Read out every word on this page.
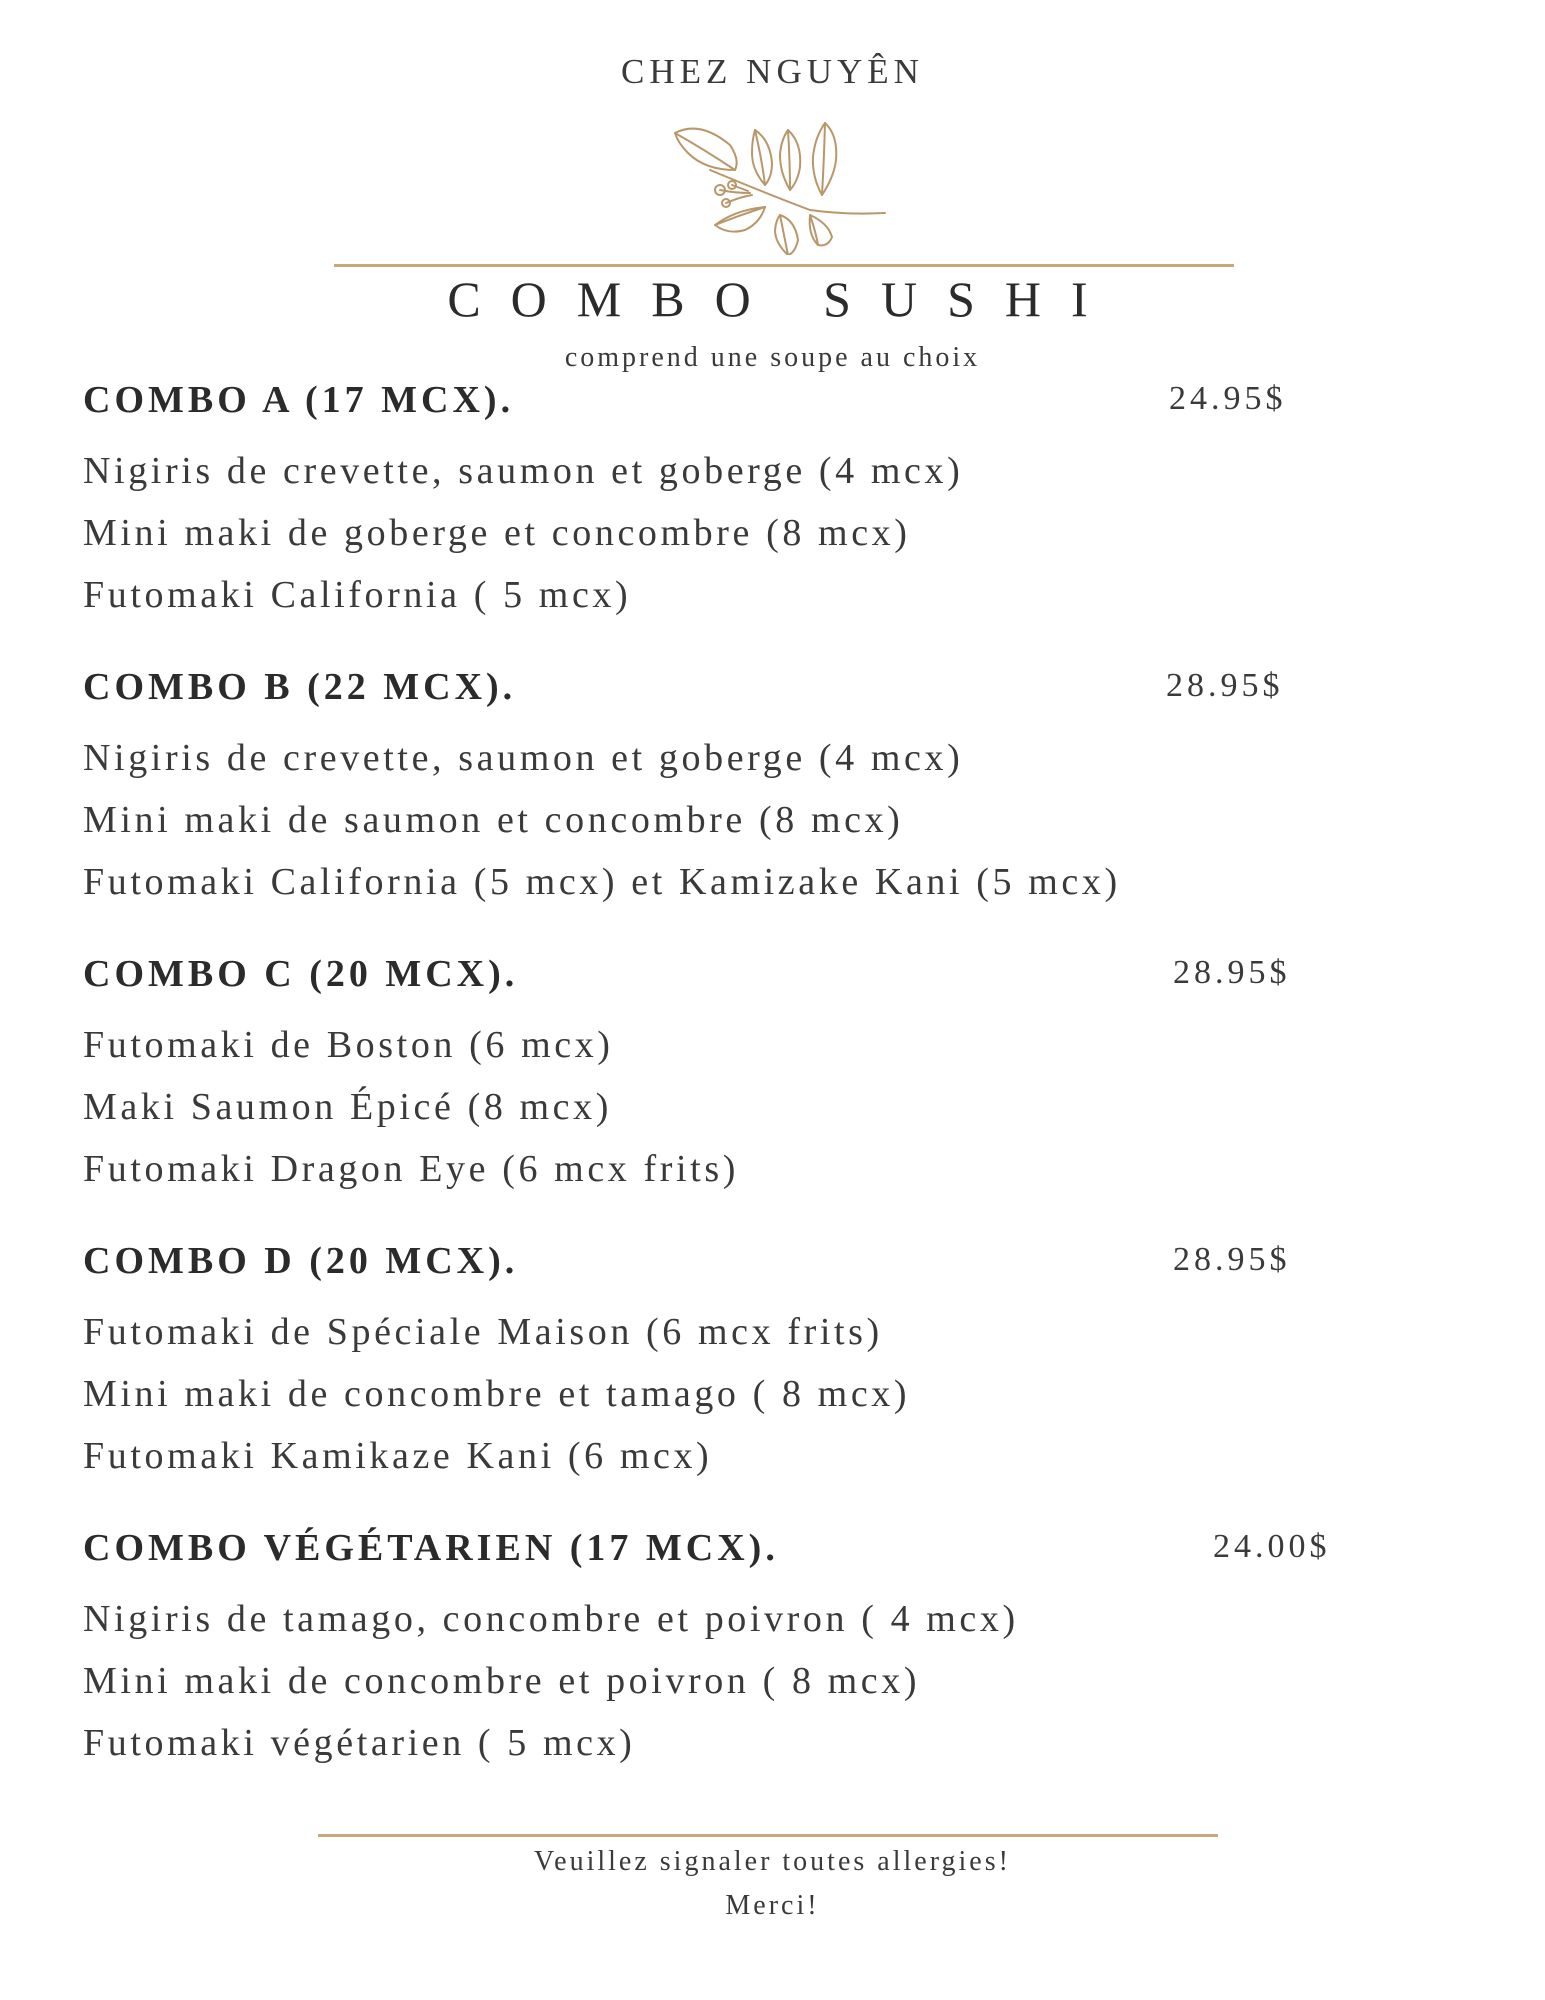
CHEZ NGUYÊN
COMBO SUSHI
comprend une soupe au choix
COMBO A (17 MCX).	24.95$
Nigiris de crevette, saumon et goberge (4 mcx)
Mini maki de goberge et concombre (8 mcx)
Futomaki California ( 5 mcx)
COMBO B (22 MCX).	28.95$
Nigiris de crevette, saumon et goberge (4 mcx)
Mini maki de saumon et concombre (8 mcx)
Futomaki California (5 mcx) et Kamizake Kani (5 mcx)
COMBO C (20 MCX).	28.95$
Futomaki de Boston (6 mcx)
Maki Saumon Épicé (8 mcx)
Futomaki Dragon Eye (6 mcx frits)
COMBO D (20 MCX).	28.95$
Futomaki de Spéciale Maison (6 mcx frits)
Mini maki de concombre et tamago ( 8 mcx)
Futomaki Kamikaze Kani (6 mcx)
COMBO VÉGÉTARIEN (17 MCX).	24.00$
Nigiris de tamago, concombre et poivron ( 4 mcx)
Mini maki de concombre et poivron ( 8 mcx)
Futomaki végétarien ( 5 mcx)
Veuillez signaler toutes allergies!
Merci!
